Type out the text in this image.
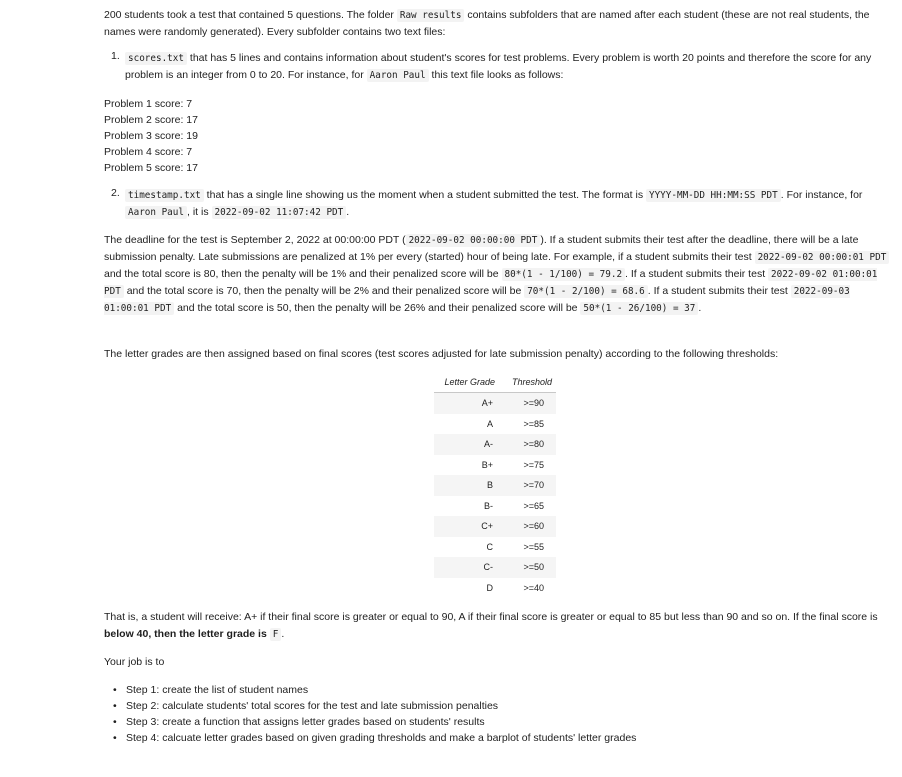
200 students took a test that contained 5 questions. The folder Raw results contains subfolders that are named after each student (these are not real students, the names were randomly generated). Every subfolder contains two text files:

1. scores.txt that has 5 lines and contains information about student's scores for test problems. Every problem is worth 20 points and therefore the score for any problem is an integer from 0 to 20. For instance, for Aaron Paul this text file looks as follows:

Problem 1 score: 7

Problem 2 score: 17

Problem 3 score: 19

Problem 4 score: 7

Problem 5 score: 17

2. timestamp.txt that has a single line showing us the moment when a student submitted the test. The format is YYYY-MM-DD HH:MM:SS PDT . For instance, for Aaron Paul , it is 2022-09-02 11:07:42 PDT .

The deadline for the test is September 2, 2022 at 00:00:00 PDT ( 2022-09-02 00:00:00 PDT ). If a student submits their test after the deadline, there will be a late submission penalty. Late submissions are penalized at 1% per every (started) hour of being late. For example, if a student submits their test 2022-09-02 00:00:01 PDT and the total score is 80, then the penalty will be 1% and their penalized score will be 80*(1 - 1/100) = 79.2 . If a student submits their test 2022-09-02 01:00:01 PDT and the total score is 70, then the penalty will be 2% and their penalized score will be 70*(1 - 2/100) = 68.6 . If a student submits their test 2022-09-03 01:00:01 PDT and the total score is 50, then the penalty will be 26% and their penalized score will be 50*(1 - 26/100) = 37 .

The letter grades are then assigned based on final scores (test scores adjusted for late submission penalty) according to the following thresholds:

Letter Grade	Threshold
A+	>=90
A	>=85
A-	>=80
B+	>=75
B	>=70
B-	>=65
C+	>=60
C	>=55
C-	>=50
D	>=40

That is, a student will receive: A+ if their final score is greater or equal to 90, A if their final score is greater or equal to 85 but less than 90 and so on. If the final score is below 40, then the letter grade is F .

Your job is to

• Step 1: create the list of student names
• Step 2: calculate students' total scores for the test and late submission penalties
• Step 3: create a function that assigns letter grades based on students' results
• Step 4: calcuate letter grades based on given grading thresholds and make a barplot of students' letter grades
